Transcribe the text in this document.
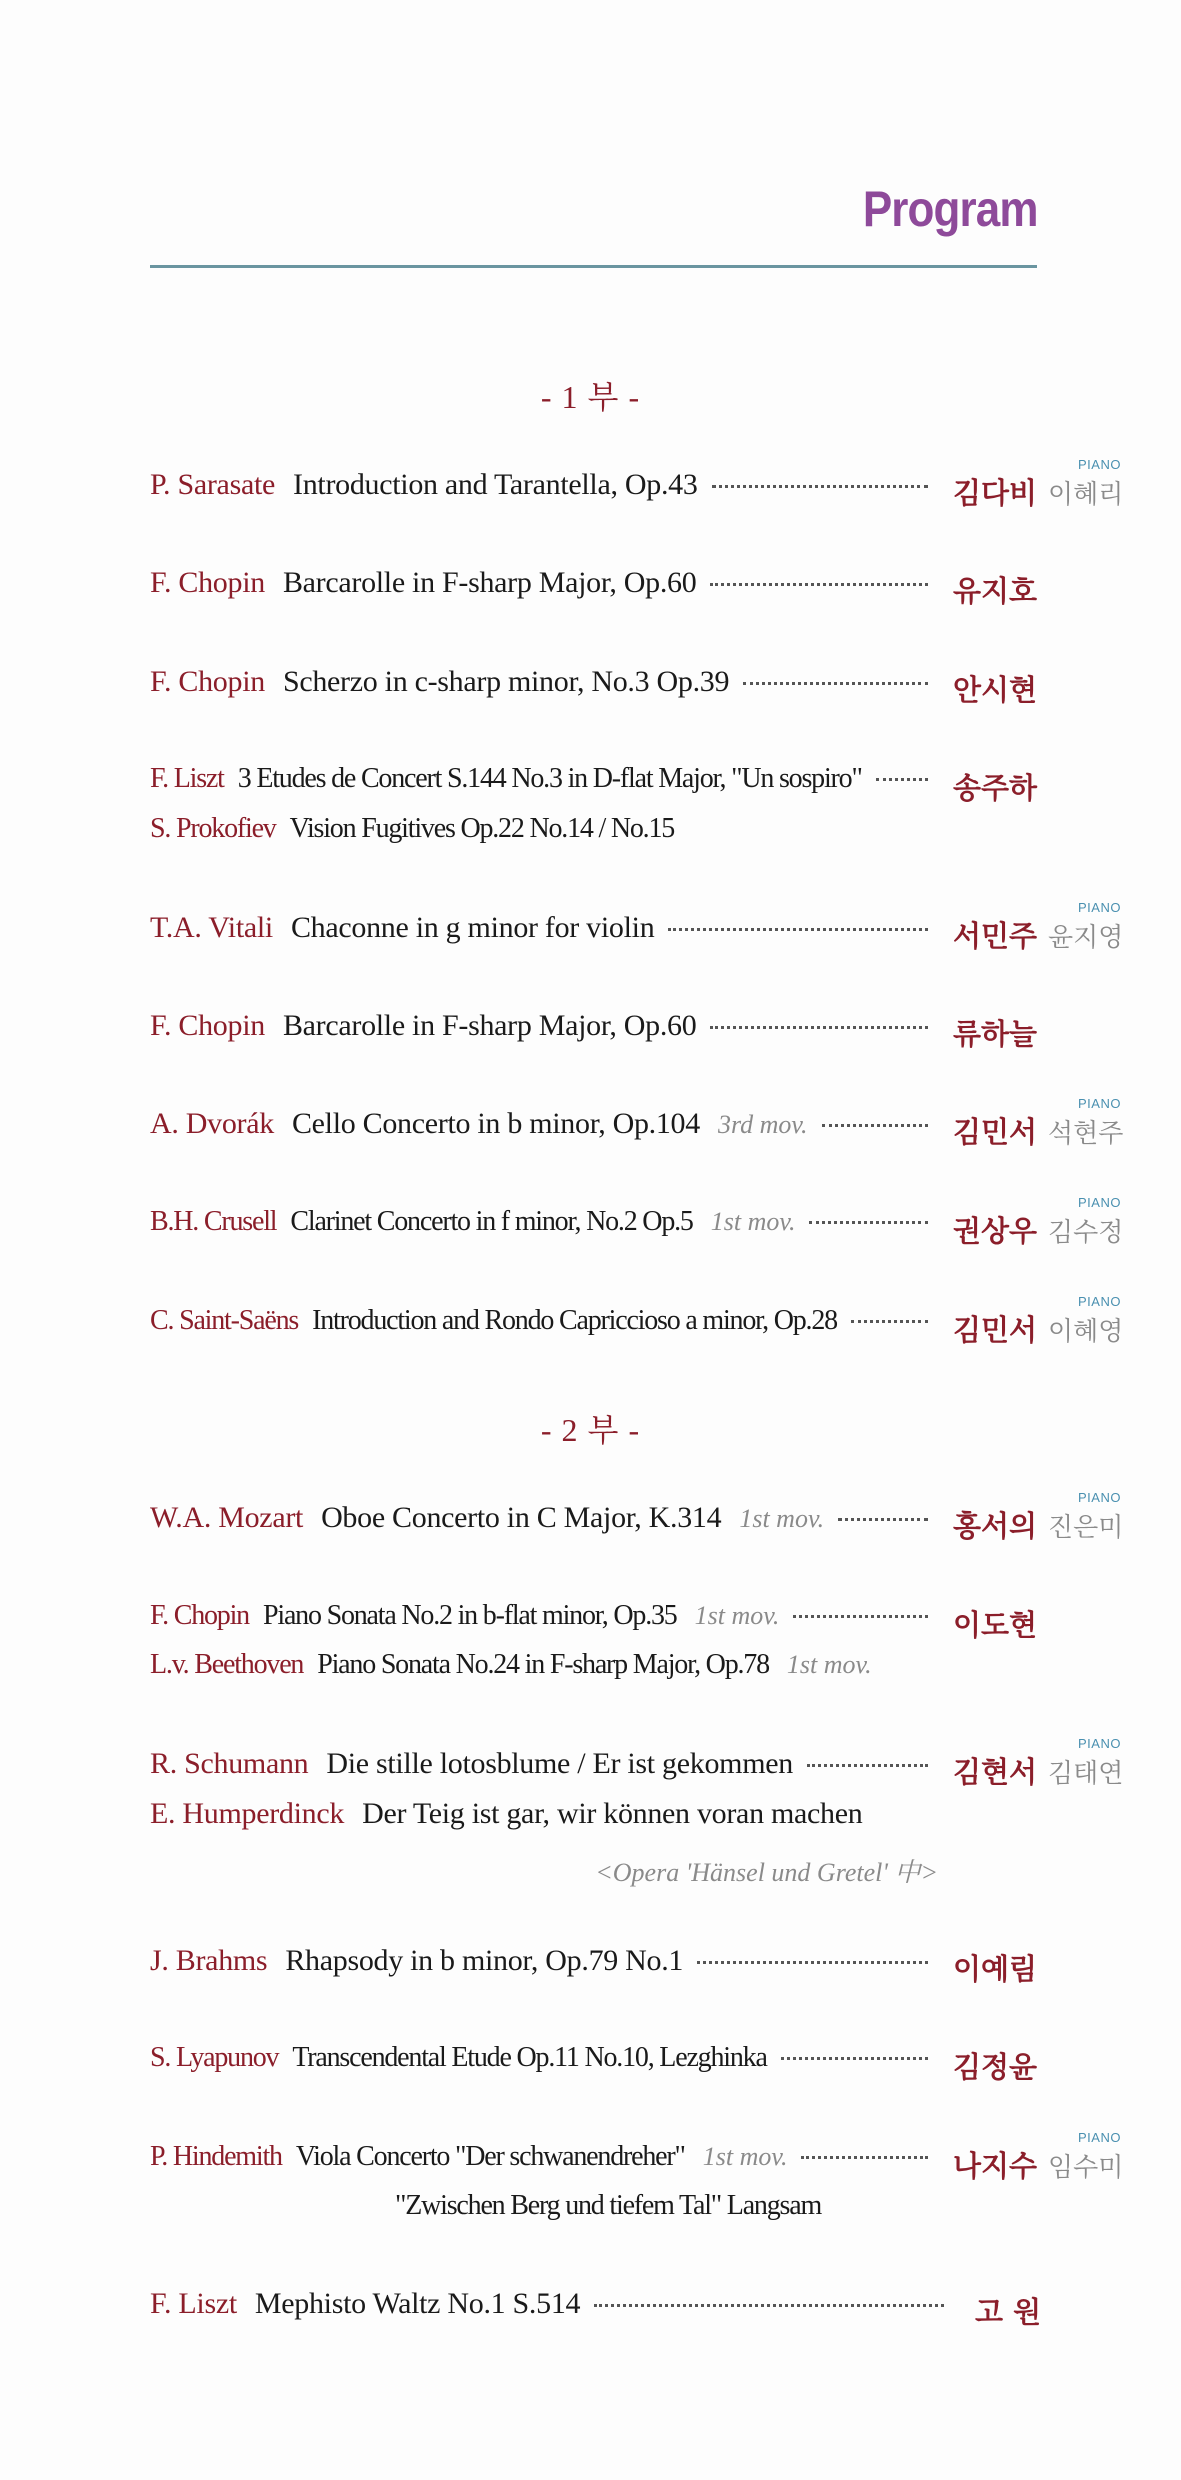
Program
- 1 부 -
PIANO
P. Sarasate Introduction and Tarantella, Op.43	김다비 이혜리
F. Chopin Barcarolle in F-sharp Major, Op.60	유지호
F. Chopin Scherzo in c-sharp minor, No.3 Op.39	안시현
F. Liszt 3 Etudes de Concert S.144 No.3 in D-flat Major, "Un sospiro"	송주하
S. Prokofiev Vision Fugitives Op.22 No.14 / No.15
PIANO
T.A. Vitali Chaconne in g minor for violin	서민주 윤지영
F. Chopin Barcarolle in F-sharp Major, Op.60	류하늘
PIANO
A. Dvorák Cello Concerto in b minor, Op.104 3rd mov.	김민서 석현주
PIANO
B.H. Crusell Clarinet Concerto in f minor, No.2 Op.5 1st mov.	권상우 김수정
PIANO
C. Saint-Saëns Introduction and Rondo Capriccioso a minor, Op.28	김민서 이혜영
- 2 부 -
PIANO
W.A. Mozart Oboe Concerto in C Major, K.314 1st mov.	홍서의 진은미
F. Chopin Piano Sonata No.2 in b-flat minor, Op.35 1st mov.	이도현
L.v. Beethoven Piano Sonata No.24 in F-sharp Major, Op.78 1st mov.
PIANO
R. Schumann Die stille lotosblume / Er ist gekommen	김현서 김태연
E. Humperdinck Der Teig ist gar, wir können voran machen
<Opera 'Hänsel und Gretel' 中>
J. Brahms Rhapsody in b minor, Op.79 No.1	이예림
S. Lyapunov Transcendental Etude Op.11 No.10, Lezghinka	김정윤
PIANO
P. Hindemith Viola Concerto "Der schwanendreher" 1st mov.	나지수 임수미
"Zwischen Berg und tiefem Tal" Langsam
F. Liszt Mephisto Waltz No.1 S.514	고 원
